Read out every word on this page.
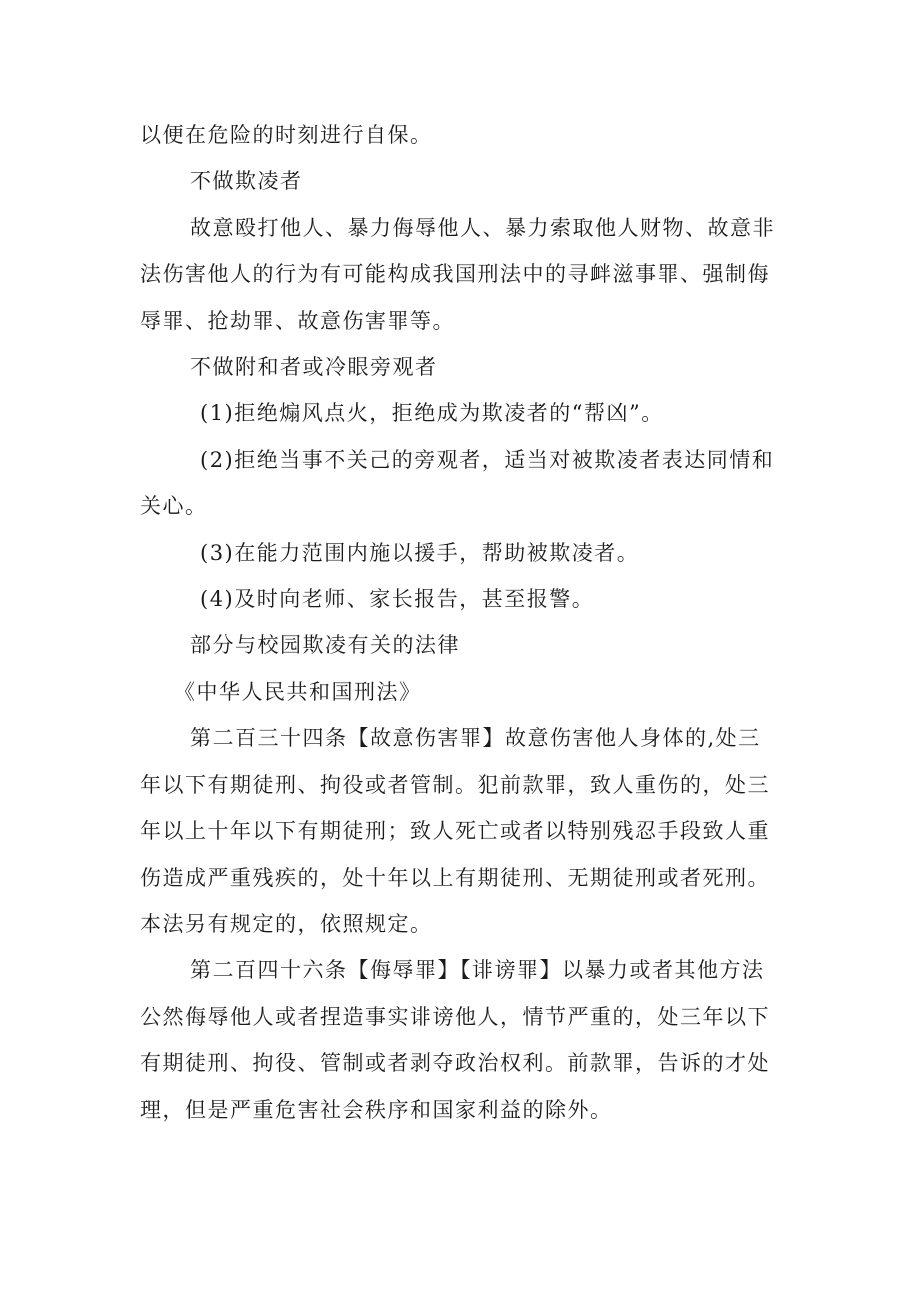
以便在危险的时刻进行自保。

不做欺凌者

故意殴打他人、暴力侮辱他人、暴力索取他人财物、故意非法伤害他人的行为有可能构成我国刑法中的寻衅滋事罪、强制侮辱罪、抢劫罪、故意伤害罪等。

不做附和者或冷眼旁观者

(1)拒绝煽风点火，拒绝成为欺凌者的“帮凶”。

(2)拒绝当事不关己的旁观者，适当对被欺凌者表达同情和关心。

(3)在能力范围内施以援手，帮助被欺凌者。

(4)及时向老师、家长报告，甚至报警。

部分与校园欺凌有关的法律

《中华人民共和国刑法》

第二百三十四条【故意伤害罪】故意伤害他人身体的,处三年以下有期徒刑、拘役或者管制。犯前款罪，致人重伤的，处三年以上十年以下有期徒刑；致人死亡或者以特别残忍手段致人重伤造成严重残疾的，处十年以上有期徒刑、无期徒刑或者死刑。本法另有规定的，依照规定。

第二百四十六条【侮辱罪】【诽谤罪】以暴力或者其他方法公然侮辱他人或者捏造事实诽谤他人，情节严重的，处三年以下有期徒刑、拘役、管制或者剥夺政治权利。前款罪，告诉的才处理，但是严重危害社会秩序和国家利益的除外。
